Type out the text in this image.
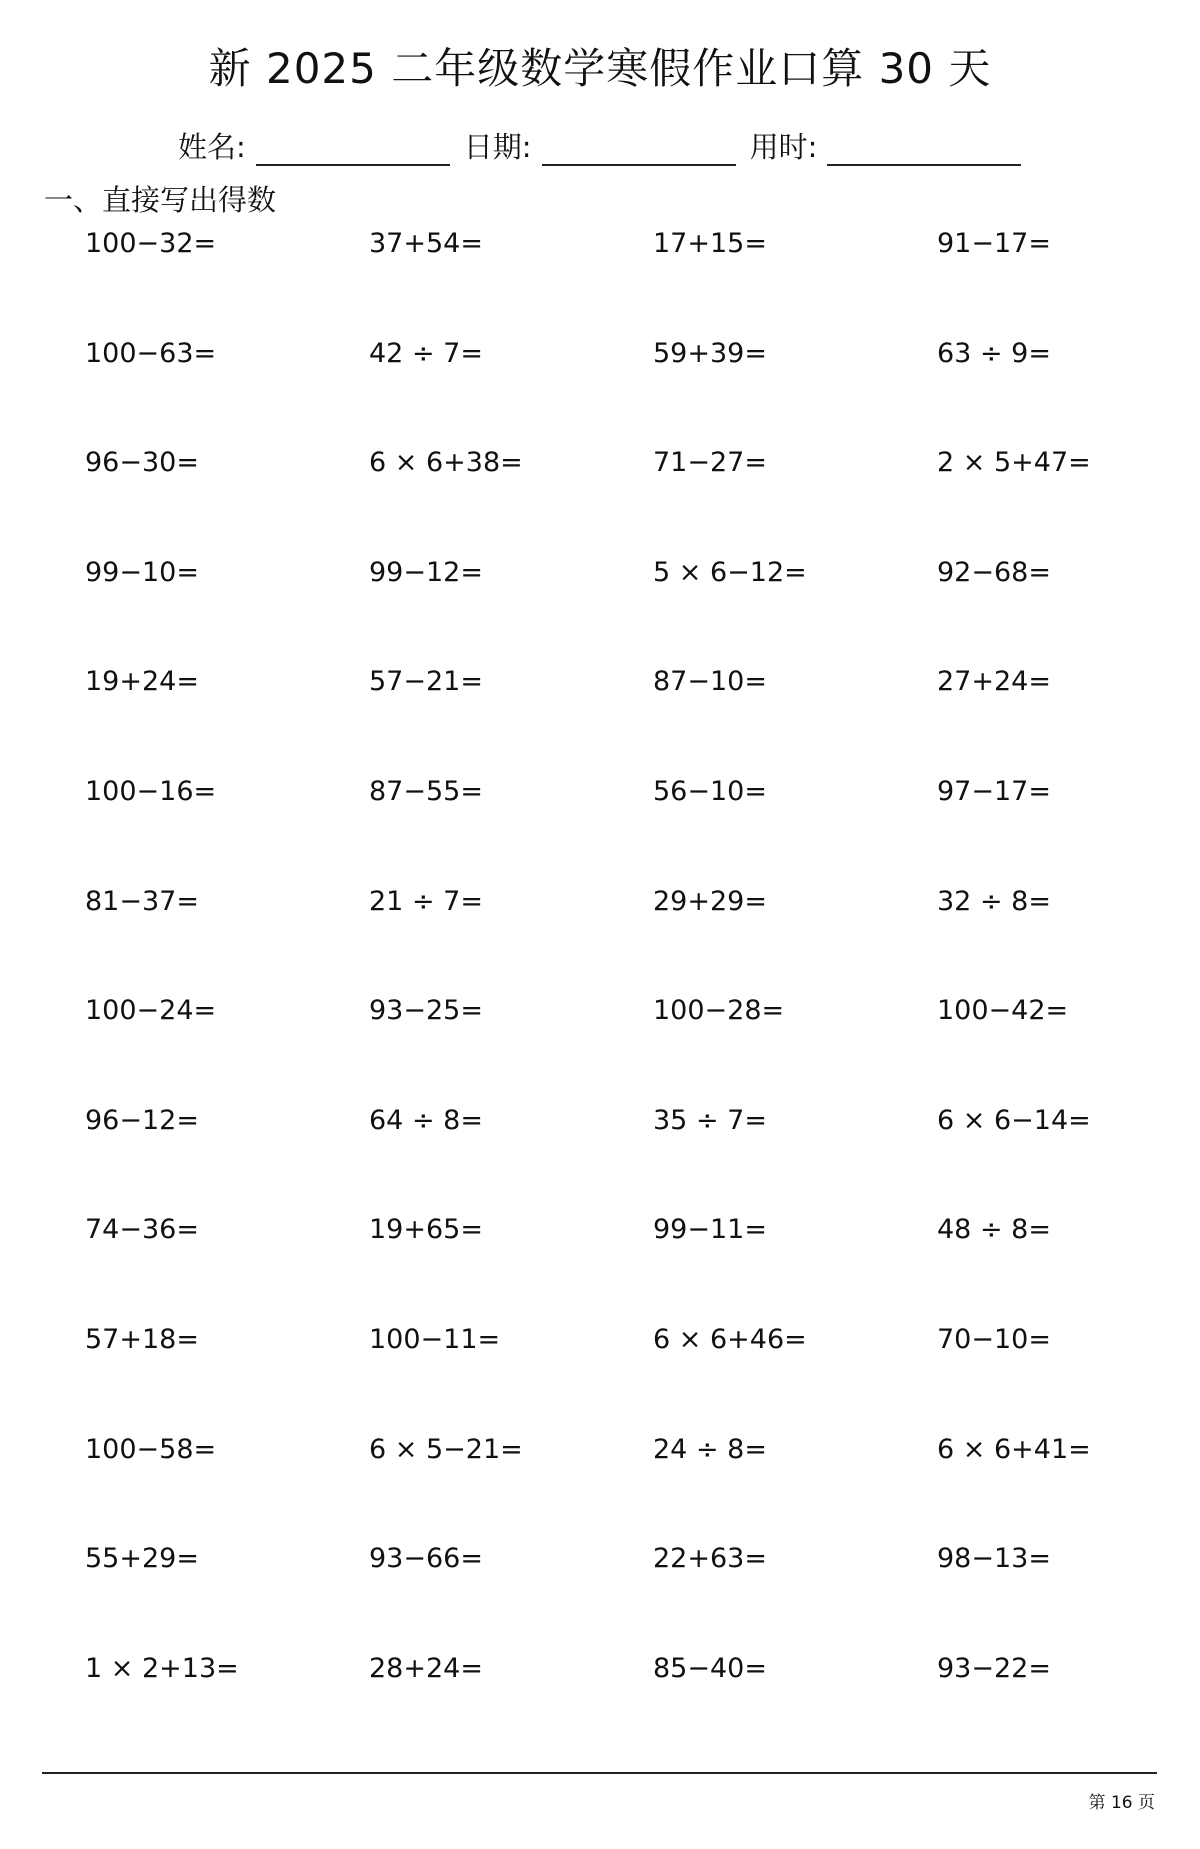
新 2025 二年级数学寒假作业口算 30 天
姓名:	日期:	用时:
一、直接写出得数
100−32=	37+54=	17+15=	91−17=
100−63=	42 ÷ 7=	59+39=	63 ÷ 9=
96−30=	6 × 6+38=	71−27=	2 × 5+47=
99−10=	99−12=	5 × 6−12=	92−68=
19+24=	57−21=	87−10=	27+24=
100−16=	87−55=	56−10=	97−17=
81−37=	21 ÷ 7=	29+29=	32 ÷ 8=
100−24=	93−25=	100−28=	100−42=
96−12=	64 ÷ 8=	35 ÷ 7=	6 × 6−14=
74−36=	19+65=	99−11=	48 ÷ 8=
57+18=	100−11=	6 × 6+46=	70−10=
100−58=	6 × 5−21=	24 ÷ 8=	6 × 6+41=
55+29=	93−66=	22+63=	98−13=
1 × 2+13=	28+24=	85−40=	93−22=
第 16 页
